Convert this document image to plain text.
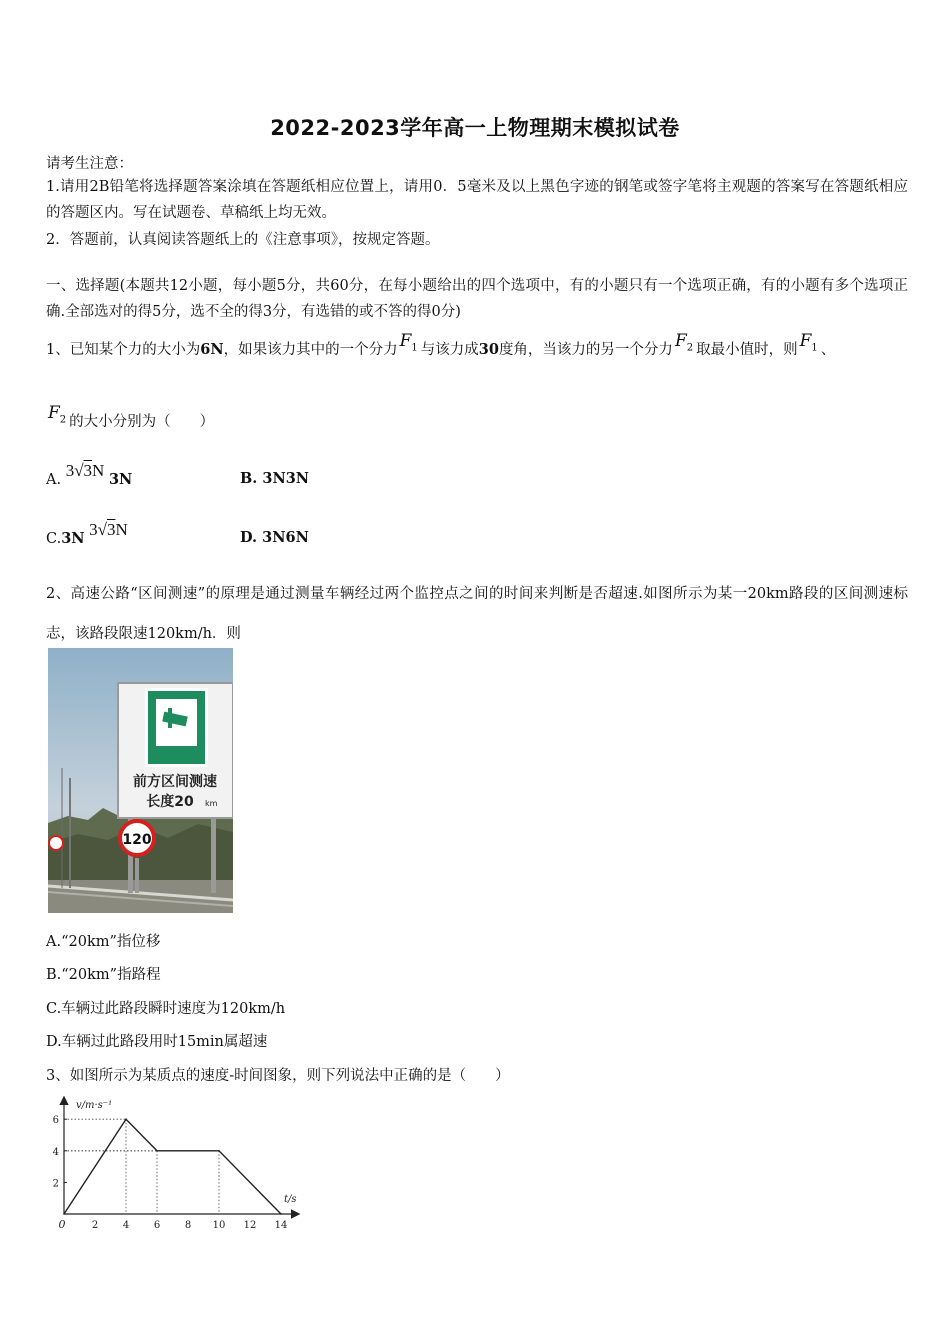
2022-2023学年高一上物理期末模拟试卷
请考生注意：
1.请用2B铅笔将选择题答案涂填在答题纸相应位置上，请用0．5毫米及以上黑色字迹的钢笔或签字笔将主观题的答案写在答题纸相应的答题区内。写在试题卷、草稿纸上均无效。
2．答题前，认真阅读答题纸上的《注意事项》，按规定答题。
一、选择题(本题共12小题，每小题5分，共60分，在每小题给出的四个选项中，有的小题只有一个选项正确，有的小题有多个选项正确.全部选对的得5分，选不全的得3分，有选错的或不答的得0分)
1、已知某个力的大小为6N，如果该力其中的一个分力 $F_1$ 与该力成30度角，当该力的另一个分力 $F_2$ 取最小值时，则 $F_1$ 、
$F_2$ 的大小分别为（　　）
A. 3√3N 3N	B. 3N3N
C.3N 3√3N	D. 3N6N
2、高速公路“区间测速”的原理是通过测量车辆经过两个监控点之间的时间来判断是否超速.如图所示为某一20km路段的区间测速标志，该路段限速120km/h．则
前方区间测速
长度20 km
120
A.“20km”指位移
B.“20km”指路程
C.车辆过此路段瞬时速度为120km/h
D.车辆过此路段用时15min属超速
3、如图所示为某质点的速度-时间图象，则下列说法中正确的是（　　）
0	2 4 6 8 10 12 14
2
4
6
v/m·s⁻¹
t/s
